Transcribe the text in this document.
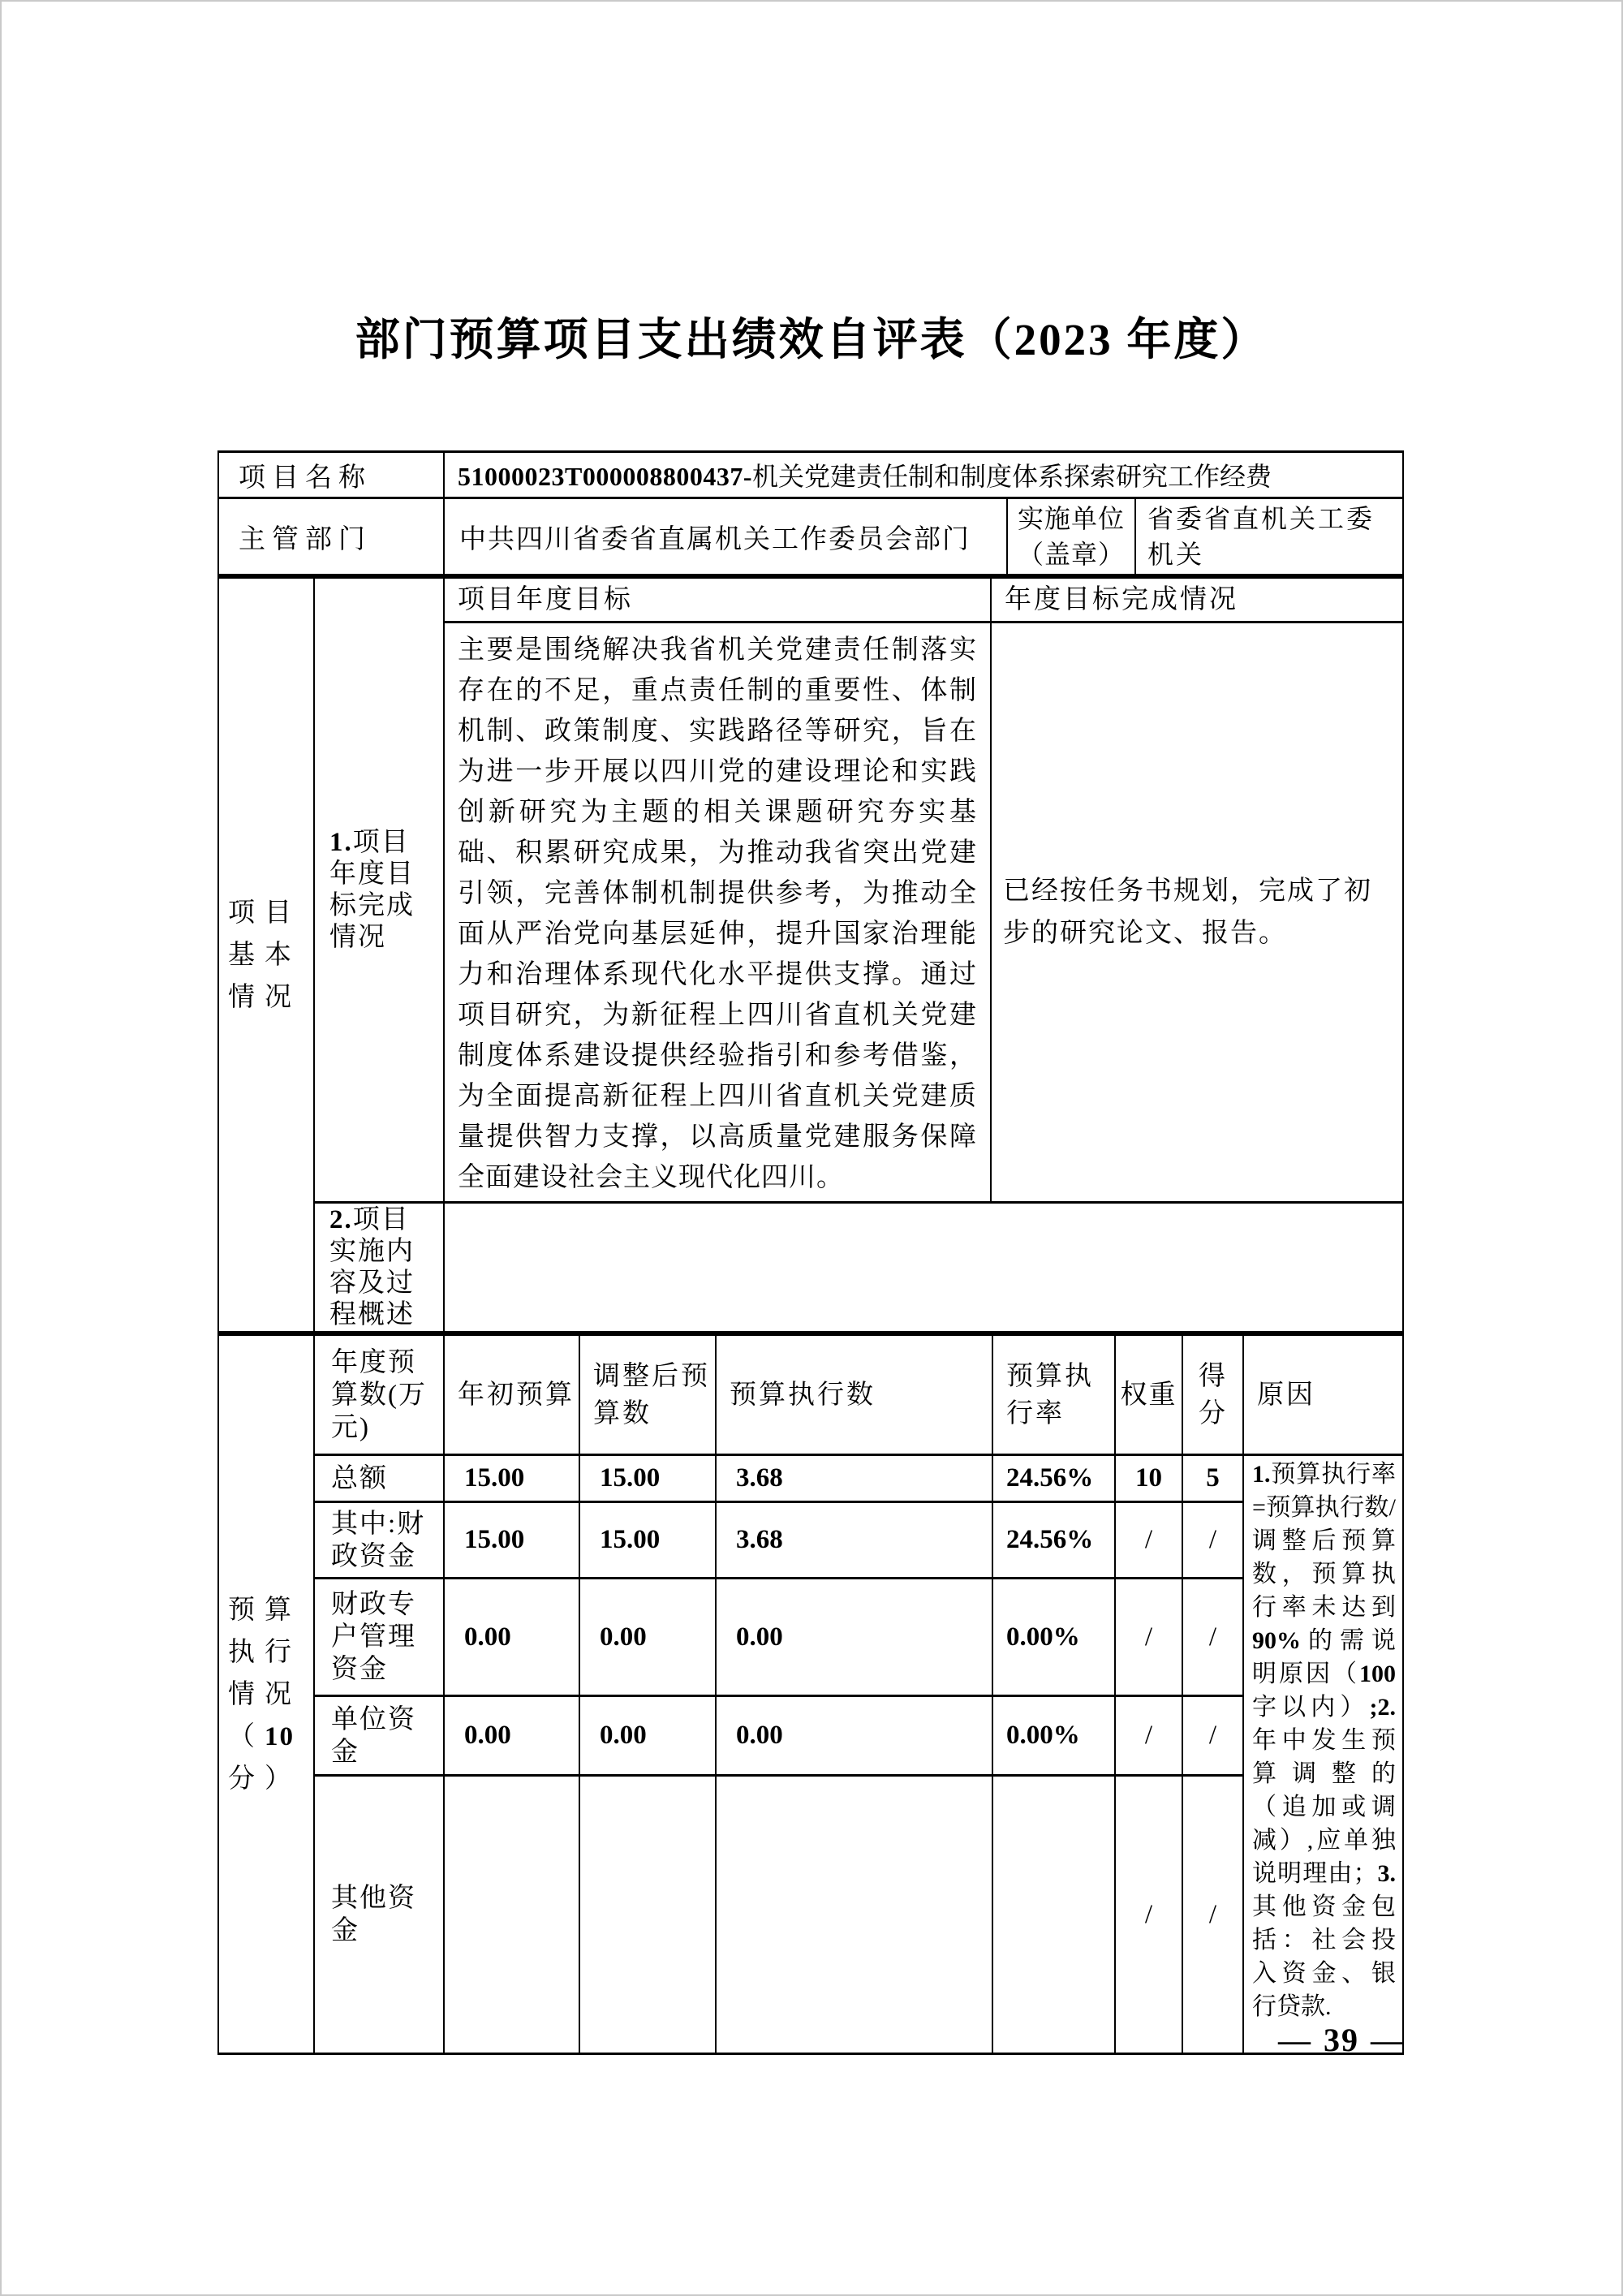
部门预算项目支出绩效自评表（2023 年度）
项目名称	51000023T000008800437-机关党建责任制和制度体系探索研究工作经费		
主管部门	中共四川省委省直属机关工作委员会部门	实施单位（盖章）	省委省直机关工委机关
项目基本情况	1.项目年度目标完成情况	项目年度目标	年度目标完成情况
		主要是围绕解决我省机关党建责任制落实存在的不足，重点责任制的重要性、体制机制、政策制度、实践路径等研究，旨在为进一步开展以四川党的建设理论和实践创新研究为主题的相关课题研究夯实基础、积累研究成果，为推动我省突出党建引领，完善体制机制提供参考，为推动全面从严治党向基层延伸，提升国家治理能力和治理体系现代化水平提供支撑。通过项目研究，为新征程上四川省直机关党建制度体系建设提供经验指引和参考借鉴，为全面提高新征程上四川省直机关党建质量提供智力支撑，以高质量党建服务保障全面建设社会主义现代化四川。	已经按任务书规划，完成了初步的研究论文、报告。
	2.项目实施内容及过程概述		
预算执行情况（10分）	年度预算数(万元)	年初预算	调整后预算数	预算执行数	预算执行率	权重	得分	原因
	总额	15.00	15.00	3.68	24.56%	10	5	1.预算执行率=预算执行数/调整后预算数，预算执行率未达到90%的需说明原因（100字以内）;2.年中发生预算调整的（追加或调减）,应单独说明理由；3.其他资金包括：社会投入资金、银行贷款.
	其中:财政资金	15.00	15.00	3.68	24.56%	/	/	
	财政专户管理资金	0.00	0.00	0.00	0.00%	/	/	
	单位资金	0.00	0.00	0.00	0.00%	/	/	
	其他资金					/	/	
— 39 —
